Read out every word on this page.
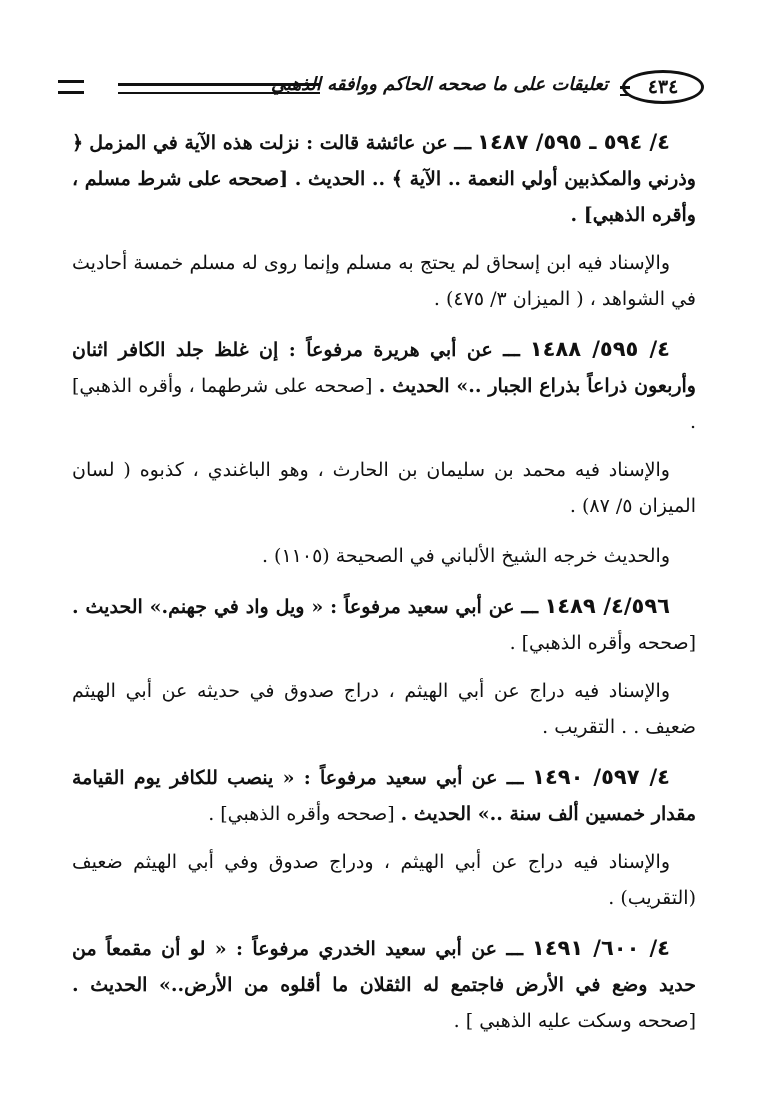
٤٣٤
تعليقات على ما صححه الحاكم ووافقه الذهبي

٤/ ٥٩٤ ـ ٥٩٥/ ١٤٨٧ ـــ عن عائشة قالت : نزلت هذه الآية في المزمل ﴿ وذرني والمكذبين أولي النعمة .. الآية ﴾ .. الحديث . [صححه على شرط مسلم ، وأقره الذهبي] .

والإسناد فيه ابن إسحاق لم يحتج به مسلم وإنما روى له مسلم خمسة أحاديث في الشواهد ، ( الميزان ٣/ ٤٧٥) .

٤/ ٥٩٥/ ١٤٨٨ ـــ عن أبي هريرة مرفوعاً : إن غلظ جلد الكافر اثنان وأربعون ذراعاً بذراع الجبار ..» الحديث . [صححه على شرطهما ، وأقره الذهبي] .

والإسناد فيه محمد بن سليمان بن الحارث ، وهو الباغندي ، كذبوه ( لسان الميزان ٥/ ٨٧) .

والحديث خرجه الشيخ الألباني في الصحيحة (١١٠٥) .

٤/٥٩٦/ ١٤٨٩ ـــ عن أبي سعيد مرفوعاً : « ويل واد في جهنم.» الحديث . [صححه وأقره الذهبي] .

والإسناد فيه دراج عن أبي الهيثم ، دراج صدوق في حديثه عن أبي الهيثم ضعيف . . التقريب .

٤/ ٥٩٧/ ١٤٩٠ ـــ عن أبي سعيد مرفوعاً : « ينصب للكافر يوم القيامة مقدار خمسين ألف سنة ..» الحديث . [صححه وأقره الذهبي] .

والإسناد فيه دراج عن أبي الهيثم ، ودراج صدوق وفي أبي الهيثم ضعيف (التقريب) .

٤/ ٦٠٠/ ١٤٩١ ـــ عن أبي سعيد الخدري مرفوعاً : « لو أن مقمعاً من حديد وضع في الأرض فاجتمع له الثقلان ما أقلوه من الأرض..» الحديث . [صححه وسكت عليه الذهبي ] .
